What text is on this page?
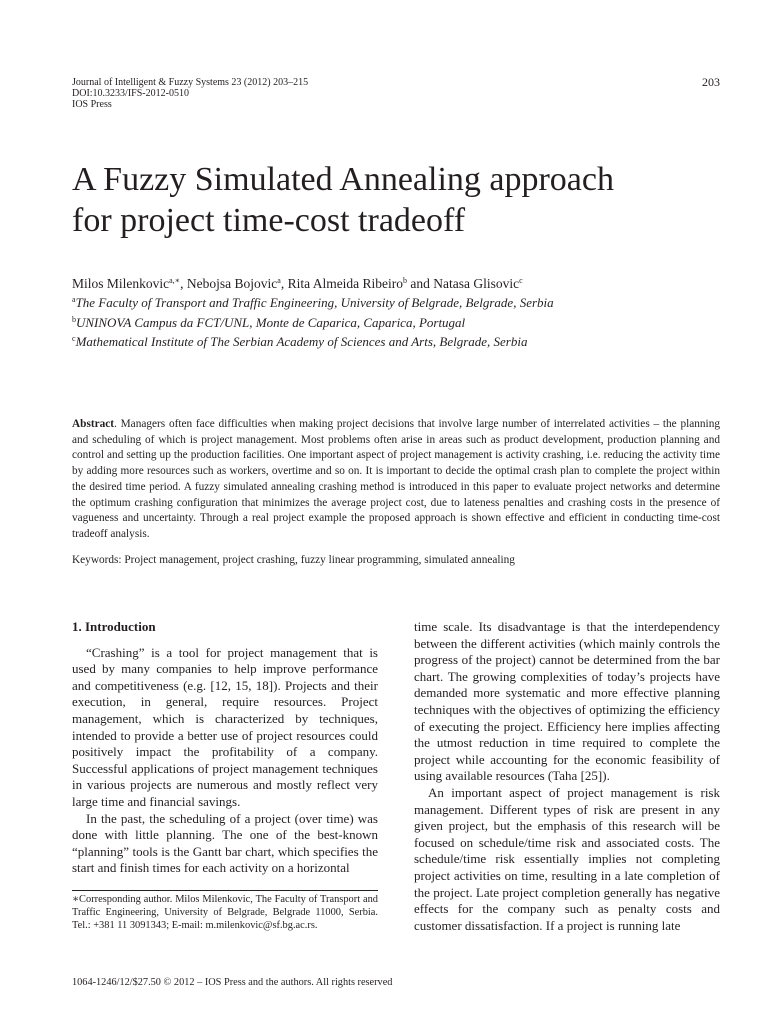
Journal of Intelligent & Fuzzy Systems 23 (2012) 203–215
DOI:10.3233/IFS-2012-0510
IOS Press
203
A Fuzzy Simulated Annealing approach
for project time-cost tradeoff
Milos Milenkovic$^{a,∗}$, Nebojsa Bojovic$^a$, Rita Almeida Ribeiro$^b$ and Natasa Glisovic$^c$
$^a$The Faculty of Transport and Traffic Engineering, University of Belgrade, Belgrade, Serbia
$^b$UNINOVA Campus da FCT/UNL, Monte de Caparica, Caparica, Portugal
$^c$Mathematical Institute of The Serbian Academy of Sciences and Arts, Belgrade, Serbia
Abstract. Managers often face difficulties when making project decisions that involve large number of interrelated activities – the planning and scheduling of which is project management. Most problems often arise in areas such as product development, production planning and control and setting up the production facilities. One important aspect of project management is activity crashing, i.e. reducing the activity time by adding more resources such as workers, overtime and so on. It is important to decide the optimal crash plan to complete the project within the desired time period. A fuzzy simulated annealing crashing method is introduced in this paper to evaluate project networks and determine the optimum crashing configuration that minimizes the average project cost, due to lateness penalties and crashing costs in the presence of vagueness and uncertainty. Through a real project example the proposed approach is shown effective and efficient in conducting time-cost tradeoff analysis.
Keywords: Project management, project crashing, fuzzy linear programming, simulated annealing
1. Introduction

“Crashing” is a tool for project management that is used by many companies to help improve performance and competitiveness (e.g. [12, 15, 18]). Projects and their execution, in general, require resources. Project management, which is characterized by techniques, intended to provide a better use of project resources could positively impact the profitability of a company. Successful applications of project management techniques in various projects are numerous and mostly reflect very large time and financial savings.

In the past, the scheduling of a project (over time) was done with little planning. The one of the best-known “planning” tools is the Gantt bar chart, which specifies the start and finish times for each activity on a horizontal

time scale. Its disadvantage is that the interdependency between the different activities (which mainly controls the progress of the project) cannot be determined from the bar chart. The growing complexities of today’s projects have demanded more systematic and more effective planning techniques with the objectives of optimizing the efficiency of executing the project. Efficiency here implies affecting the utmost reduction in time required to complete the project while accounting for the economic feasibility of using available resources (Taha [25]).

An important aspect of project management is risk management. Different types of risk are present in any given project, but the emphasis of this research will be focused on schedule/time risk and associated costs. The schedule/time risk essentially implies not completing project activities on time, resulting in a late completion of the project. Late project completion generally has negative effects for the company such as penalty costs and customer dissatisfaction. If a project is running late

∗Corresponding author. Milos Milenkovic, The Faculty of Transport and Traffic Engineering, University of Belgrade, Belgrade 11000, Serbia. Tel.: +381 11 3091343; E-mail: m.milenkovic@sf.bg.ac.rs.
1064-1246/12/$27.50 © 2012 – IOS Press and the authors. All rights reserved
